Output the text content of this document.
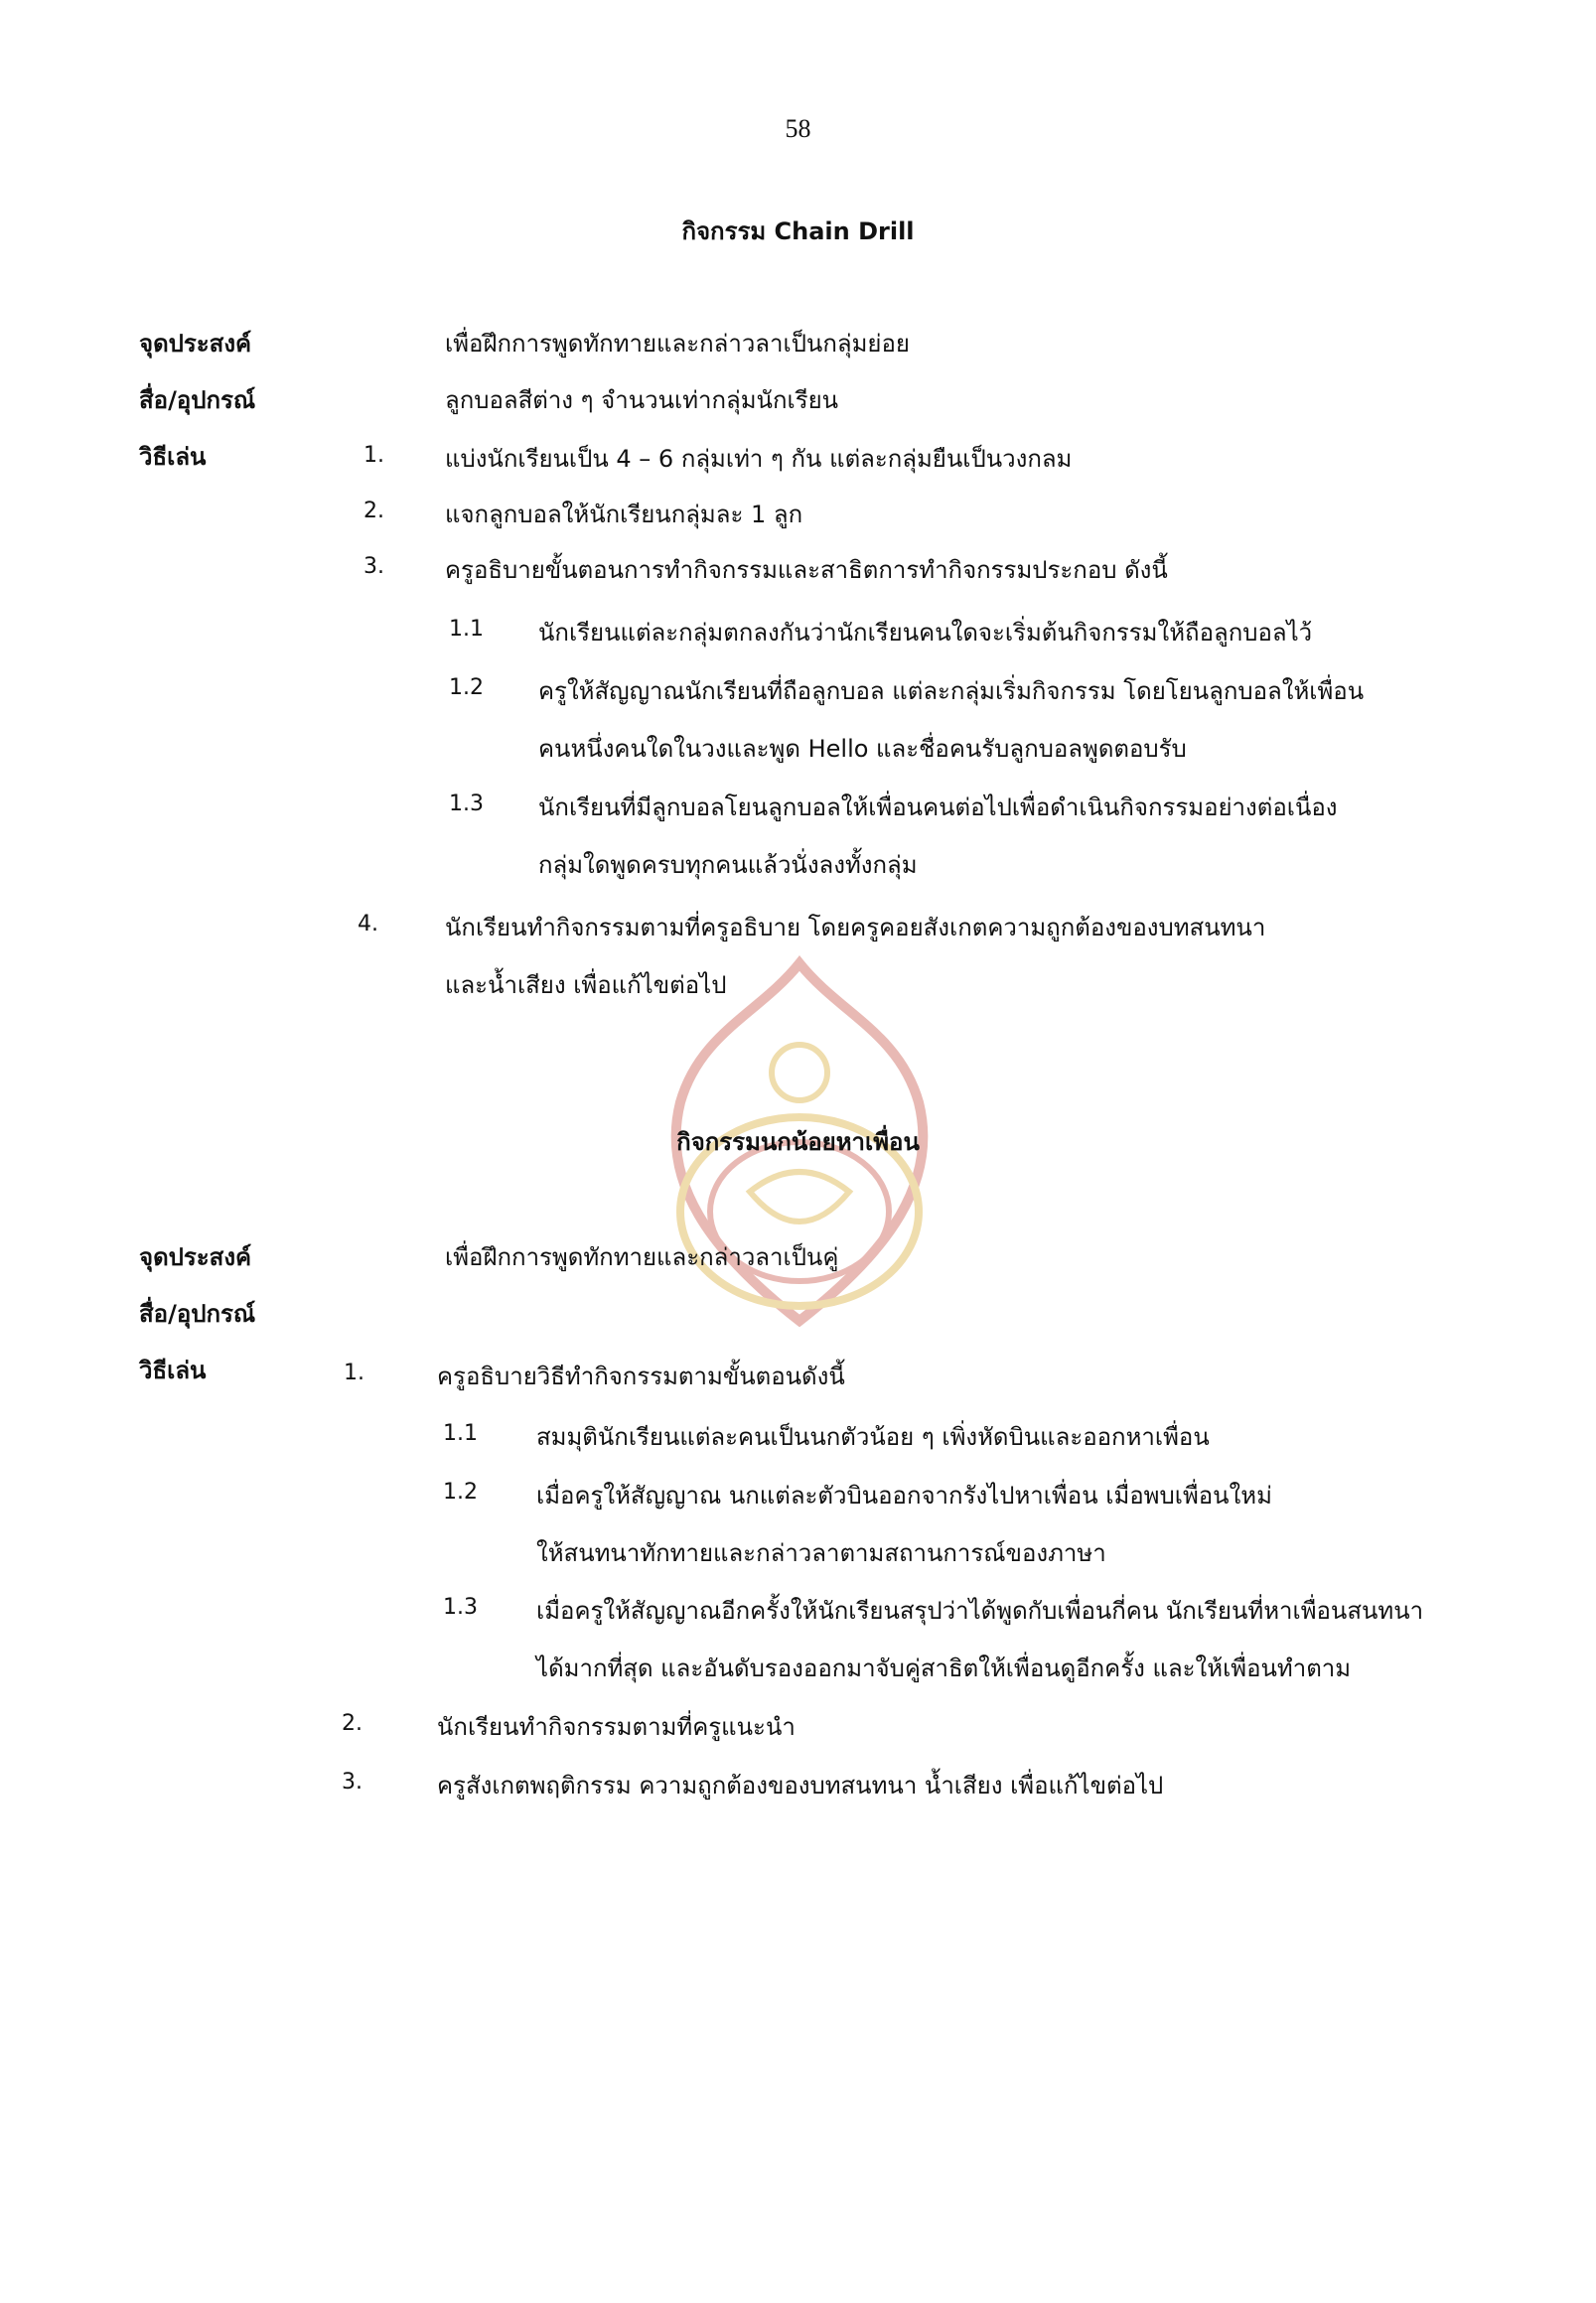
58
กิจกรรม Chain Drill
จุดประสงค์	เพื่อฝึกการพูดทักทายและกล่าวลาเป็นกลุ่มย่อย
สื่อ/อุปกรณ์	ลูกบอลสีต่าง ๆ จำนวนเท่ากลุ่มนักเรียน
วิธีเล่น	1.	แบ่งนักเรียนเป็น 4 – 6 กลุ่มเท่า ๆ กัน แต่ละกลุ่มยืนเป็นวงกลม
2.	แจกลูกบอลให้นักเรียนกลุ่มละ 1 ลูก
3.	ครูอธิบายขั้นตอนการทำกิจกรรมและสาธิตการทำกิจกรรมประกอบ ดังนี้
1.1 นักเรียนแต่ละกลุ่มตกลงกันว่านักเรียนคนใดจะเริ่มต้นกิจกรรมให้ถือลูกบอลไว้
1.2 ครูให้สัญญาณนักเรียนที่ถือลูกบอล แต่ละกลุ่มเริ่มกิจกรรม โดยโยนลูกบอลให้เพื่อน
คนหนึ่งคนใดในวงและพูด Hello และชื่อคนรับลูกบอลพูดตอบรับ
1.3 นักเรียนที่มีลูกบอลโยนลูกบอลให้เพื่อนคนต่อไปเพื่อดำเนินกิจกรรมอย่างต่อเนื่อง
กลุ่มใดพูดครบทุกคนแล้วนั่งลงทั้งกลุ่ม
4.	นักเรียนทำกิจกรรมตามที่ครูอธิบาย โดยครูคอยสังเกตความถูกต้องของบทสนทนา
และน้ำเสียง เพื่อแก้ไขต่อไป
กิจกรรมนกน้อยหาเพื่อน
จุดประสงค์	เพื่อฝึกการพูดทักทายและกล่าวลาเป็นคู่
สื่อ/อุปกรณ์
วิธีเล่น	1.	ครูอธิบายวิธีทำกิจกรรมตามขั้นตอนดังนี้
1.1 สมมุตินักเรียนแต่ละคนเป็นนกตัวน้อย ๆ เพิ่งหัดบินและออกหาเพื่อน
1.2 เมื่อครูให้สัญญาณ นกแต่ละตัวบินออกจากรังไปหาเพื่อน เมื่อพบเพื่อนใหม่
ให้สนทนาทักทายและกล่าวลาตามสถานการณ์ของภาษา
1.3 เมื่อครูให้สัญญาณอีกครั้งให้นักเรียนสรุปว่าได้พูดกับเพื่อนกี่คน นักเรียนที่หาเพื่อนสนทนา
ได้มากที่สุด และอันดับรองออกมาจับคู่สาธิตให้เพื่อนดูอีกครั้ง และให้เพื่อนทำตาม
2.	นักเรียนทำกิจกรรมตามที่ครูแนะนำ
3.	ครูสังเกตพฤติกรรม ความถูกต้องของบทสนทนา น้ำเสียง เพื่อแก้ไขต่อไป
